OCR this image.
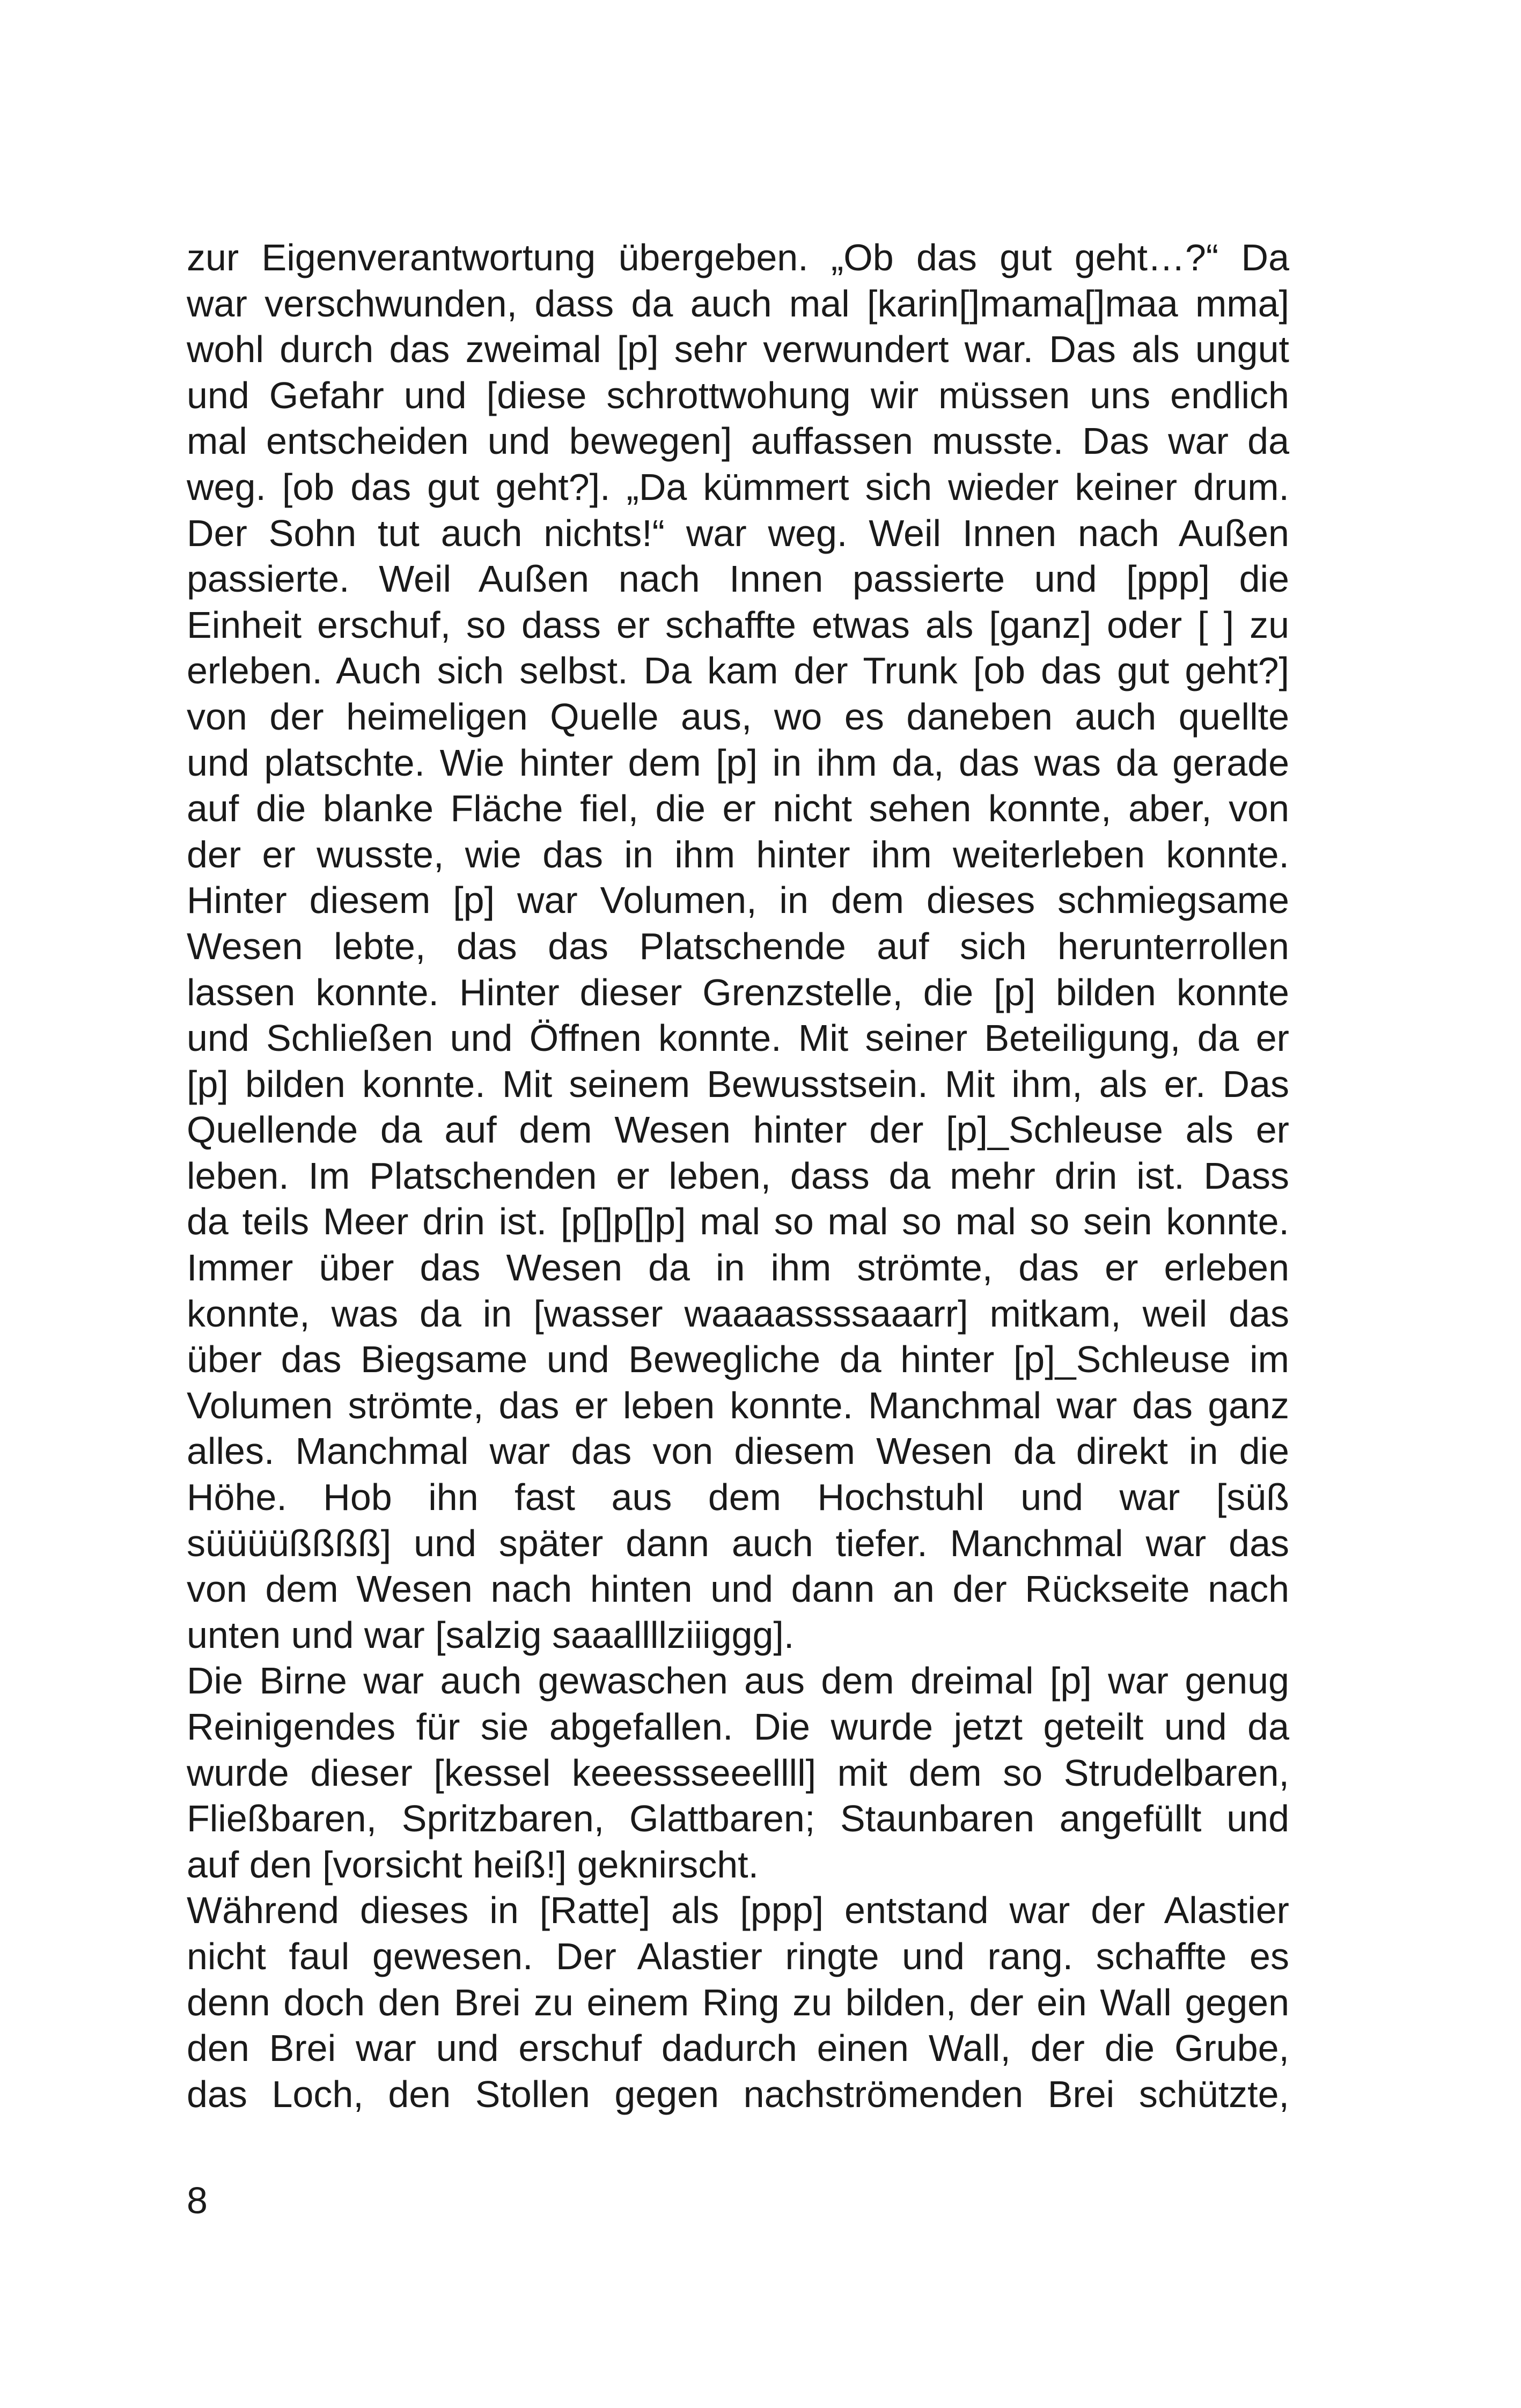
zur Eigenverantwortung übergeben. „Ob das gut geht…?“ Da
war verschwunden, dass da auch mal [karin[]mama[]maa mma]
wohl durch das zweimal [p] sehr verwundert war. Das als ungut
und Gefahr und [diese schrottwohung wir müssen uns endlich
mal entscheiden und bewegen] auffassen musste. Das war da
weg. [ob das gut geht?]. „Da kümmert sich wieder keiner drum.
Der Sohn tut auch nichts!“ war weg. Weil Innen nach Außen
passierte. Weil Außen nach Innen passierte und [ppp] die
Einheit erschuf, so dass er schaffte etwas als [ganz] oder [ ] zu
erleben. Auch sich selbst. Da kam der Trunk [ob das gut geht?]
von der heimeligen Quelle aus, wo es daneben auch quellte
und platschte. Wie hinter dem [p] in ihm da, das was da gerade
auf die blanke Fläche fiel, die er nicht sehen konnte, aber, von
der er wusste, wie das in ihm hinter ihm weiterleben konnte.
Hinter diesem [p] war Volumen, in dem dieses schmiegsame
Wesen lebte, das das Platschende auf sich herunterrollen
lassen konnte. Hinter dieser Grenzstelle, die [p] bilden konnte
und Schließen und Öffnen konnte. Mit seiner Beteiligung, da er
[p] bilden konnte. Mit seinem Bewusstsein. Mit ihm, als er. Das
Quellende da auf dem Wesen hinter der [p]_Schleuse als er
leben. Im Platschenden er leben, dass da mehr drin ist. Dass
da teils Meer drin ist. [p[]p[]p] mal so mal so mal so sein konnte.
Immer über das Wesen da in ihm strömte, das er erleben
konnte, was da in [wasser waaaassssaaarr] mitkam, weil das
über das Biegsame und Bewegliche da hinter [p]_Schleuse im
Volumen strömte, das er leben konnte. Manchmal war das ganz
alles. Manchmal war das von diesem Wesen da direkt in die
Höhe. Hob ihn fast aus dem Hochstuhl und war [süß
süüüüßßßß] und später dann auch tiefer. Manchmal war das
von dem Wesen nach hinten und dann an der Rückseite nach
unten und war [salzig saaallllziiiggg].
Die Birne war auch gewaschen aus dem dreimal [p] war genug
Reinigendes für sie abgefallen. Die wurde jetzt geteilt und da
wurde dieser [kessel keeessseeellll] mit dem so Strudelbaren,
Fließbaren, Spritzbaren, Glattbaren; Staunbaren angefüllt und
auf den [vorsicht heiß!] geknirscht.
Während dieses in [Ratte] als [ppp] entstand war der Alastier
nicht faul gewesen. Der Alastier ringte und rang. schaffte es
denn doch den Brei zu einem Ring zu bilden, der ein Wall gegen
den Brei war und erschuf dadurch einen Wall, der die Grube,
das Loch, den Stollen gegen nachströmenden Brei schützte,
8
